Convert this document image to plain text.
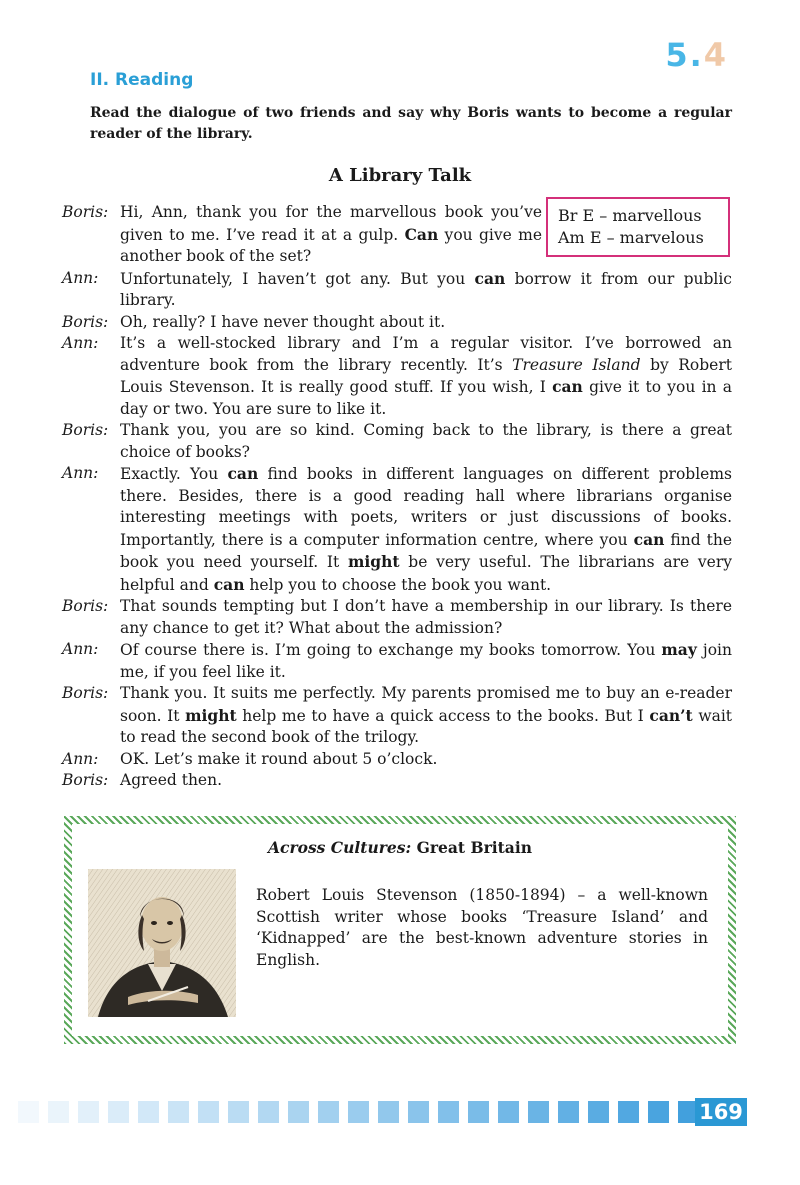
5.4
II. Reading
Read the dialogue of two friends and say why Boris wants to become a regular reader of the library.
A Library Talk
Boris: Hi, Ann, thank you for the marvellous book you’ve given to me. I’ve read it at a gulp. Can you give me another book of the set?
Ann:	Unfortunately, I haven’t got any. But you can borrow it from our public library.
Boris: Oh, really? I have never thought about it.
Ann:	It’s a well-stocked library and I’m a regular visitor. I’ve borrowed an adventure book from the library recently. It’s Treasure Island by Robert Louis Stevenson. It is really good stuff. If you wish, I can give it to you in a day or two. You are sure to like it.
Boris: Thank you, you are so kind. Coming back to the library, is there a great choice of books?
Ann:	Exactly. You can find books in different languages on different problems there. Besides, there is a good reading hall where librarians organise interesting meetings with poets, writers or just discussions of books. Importantly, there is a computer information centre, where you can find the book you need yourself. It might be very useful. The librarians are very helpful and can help you to choose the book you want.
Boris: That sounds tempting but I don’t have a membership in our library. Is there any chance to get it? What about the admission?
Ann:	Of course there is. I’m going to exchange my books tomorrow. You may join me, if you feel like it.
Boris: Thank you. It suits me perfectly. My parents promised me to buy an e-reader soon. It might help me to have a quick access to the books. But I can’t wait to read the second book of the trilogy.
Ann:	OK. Let’s make it round about 5 o’clock.
Boris: Agreed then.
Br E – marvellous
Am E – marvelous
Across Cultures: Great Britain
Robert Louis Stevenson (1850-1894) – a well-known Scottish writer whose books ‘Treasure Island’ and ‘Kidnapped’ are the best-known adventure stories in English.
169
